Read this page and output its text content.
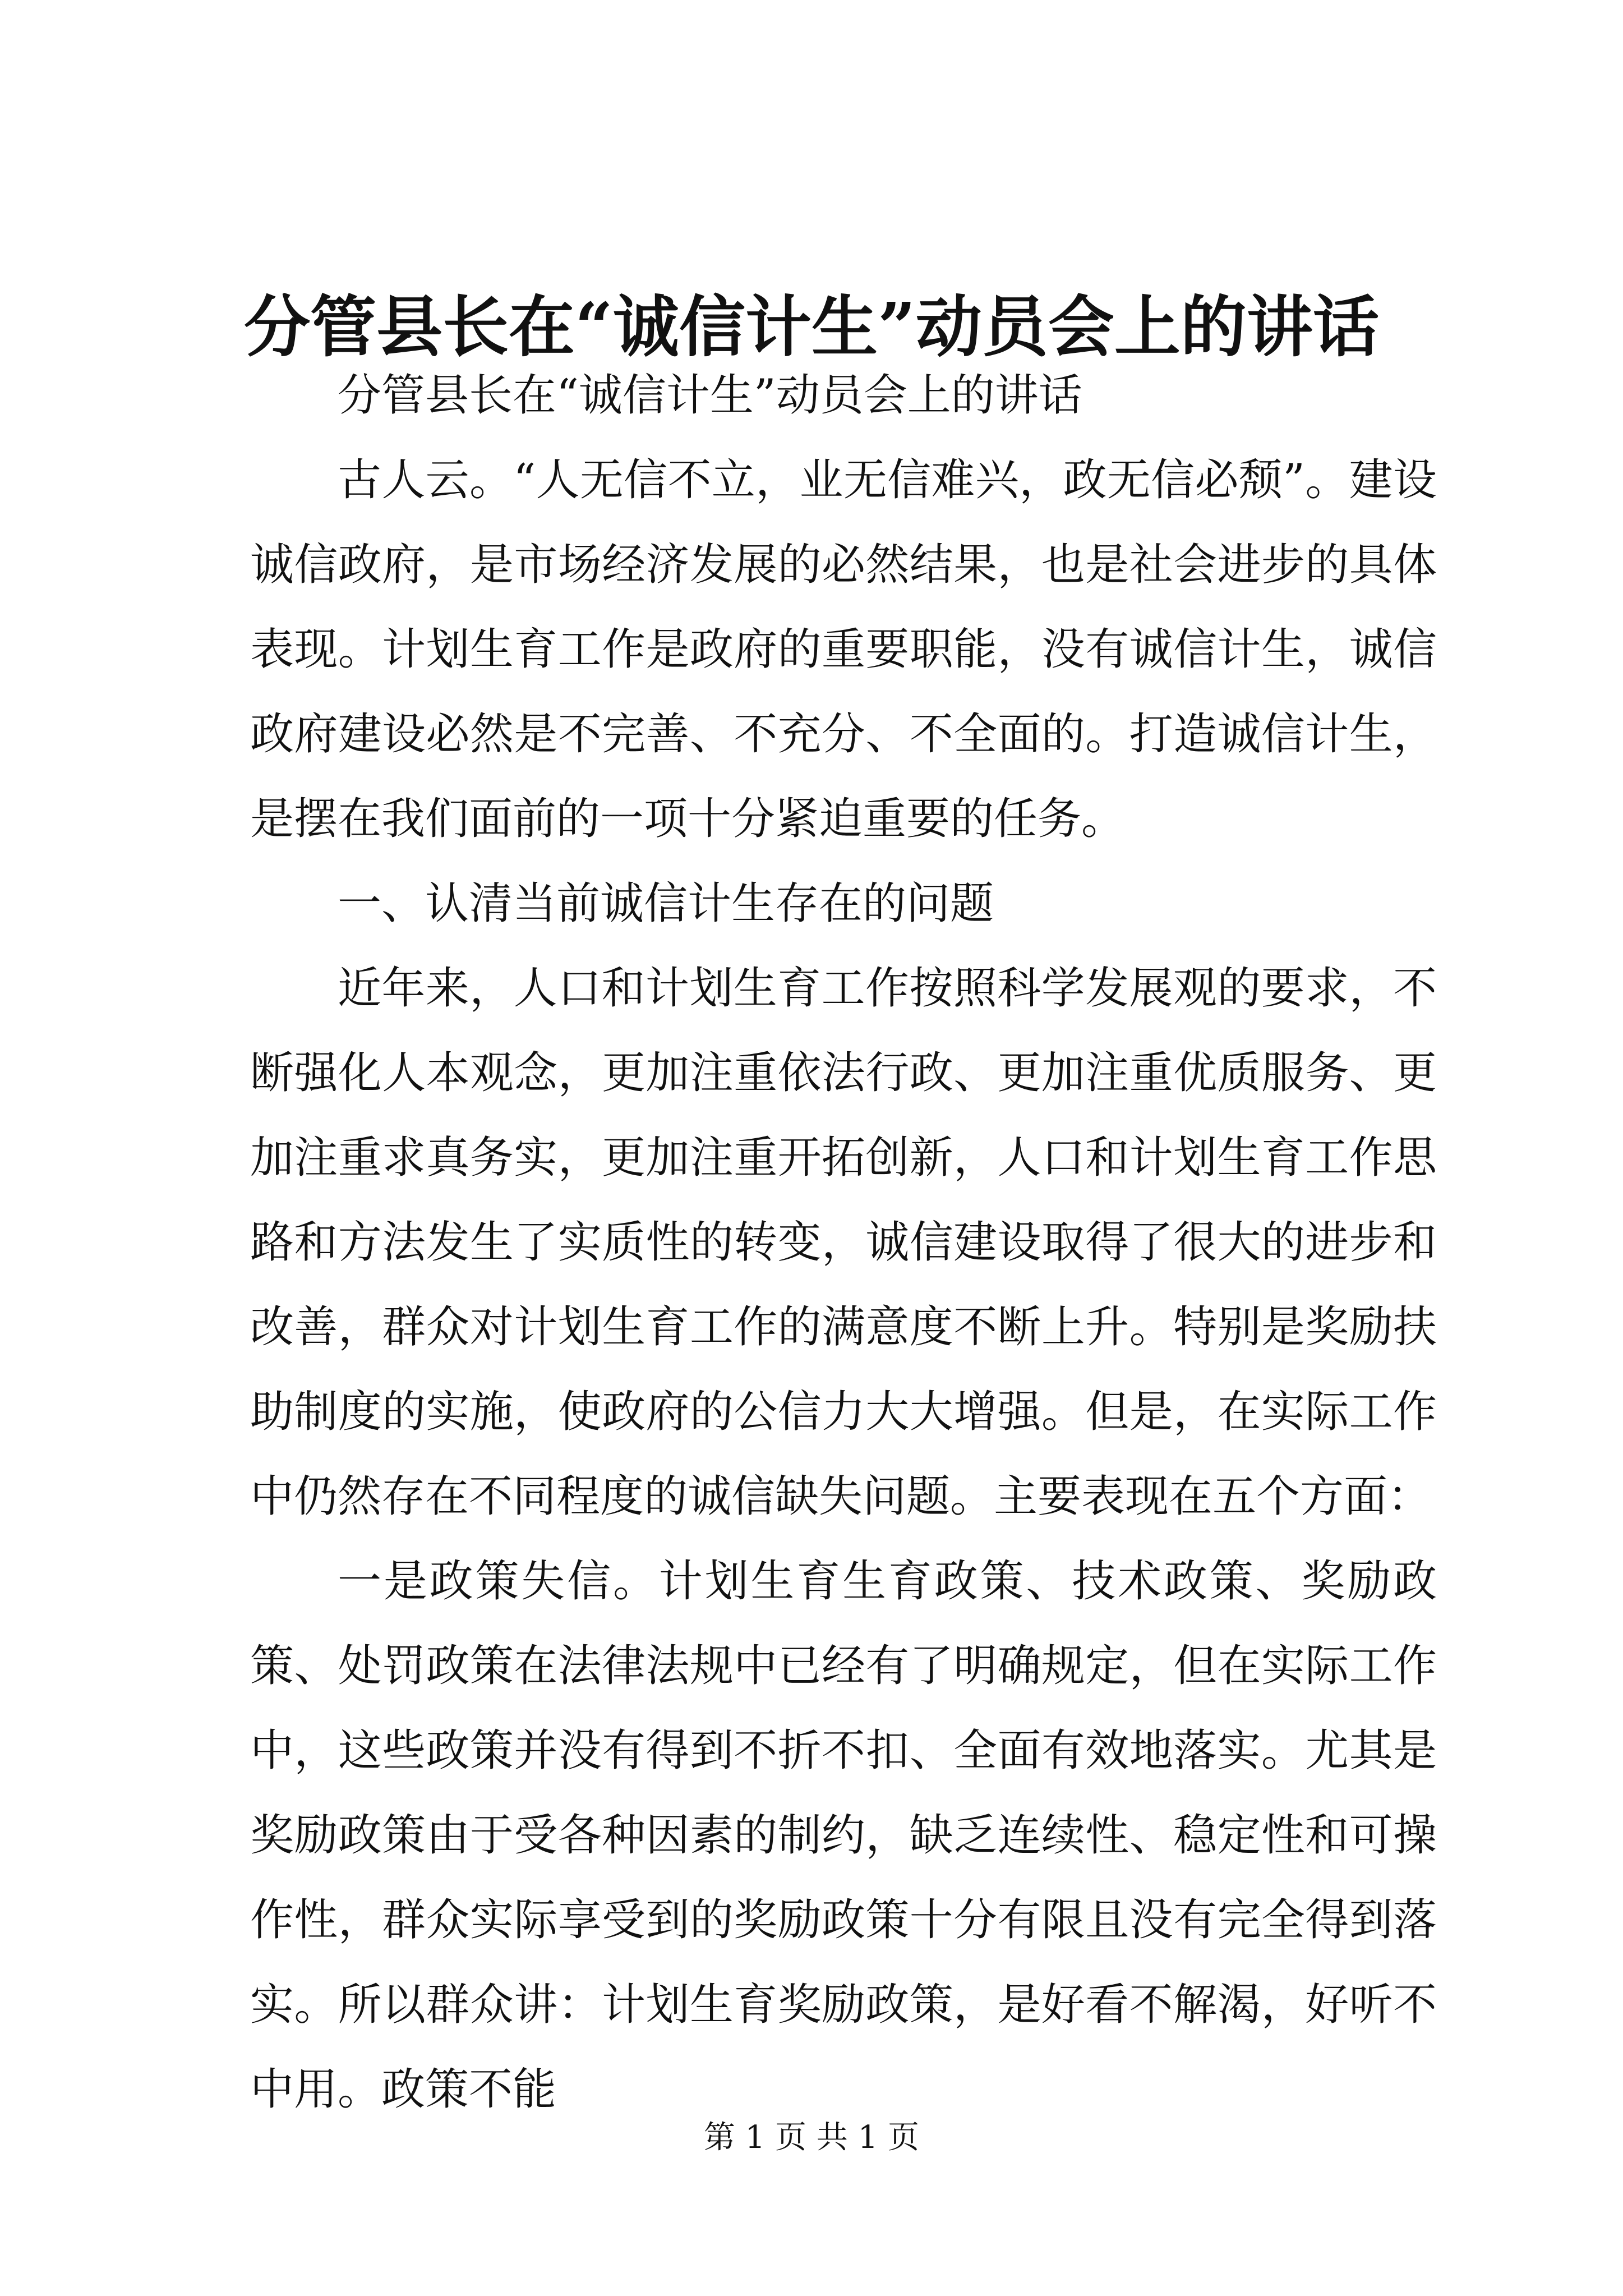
分管县长在“诚信计生”动员会上的讲话

分管县长在“诚信计生”动员会上的讲话

古人云。“人无信不立，业无信难兴，政无信必颓”。建设诚信政府，是市场经济发展的必然结果，也是社会进步的具体表现。计划生育工作是政府的重要职能，没有诚信计生，诚信政府建设必然是不完善、不充分、不全面的。打造诚信计生，是摆在我们面前的一项十分紧迫重要的任务。

一、认清当前诚信计生存在的问题

近年来，人口和计划生育工作按照科学发展观的要求，不断强化人本观念，更加注重依法行政、更加注重优质服务、更加注重求真务实，更加注重开拓创新，人口和计划生育工作思路和方法发生了实质性的转变，诚信建设取得了很大的进步和改善，群众对计划生育工作的满意度不断上升。特别是奖励扶助制度的实施，使政府的公信力大大增强。但是，在实际工作中仍然存在不同程度的诚信缺失问题。主要表现在五个方面：

一是政策失信。计划生育生育政策、技术政策、奖励政策、处罚政策在法律法规中已经有了明确规定，但在实际工作中，这些政策并没有得到不折不扣、全面有效地落实。尤其是奖励政策由于受各种因素的制约，缺乏连续性、稳定性和可操作性，群众实际享受到的奖励政策十分有限且没有完全得到落实。所以群众讲：计划生育奖励政策，是好看不解渴，好听不中用。政策不能

第 1 页 共 1 页
